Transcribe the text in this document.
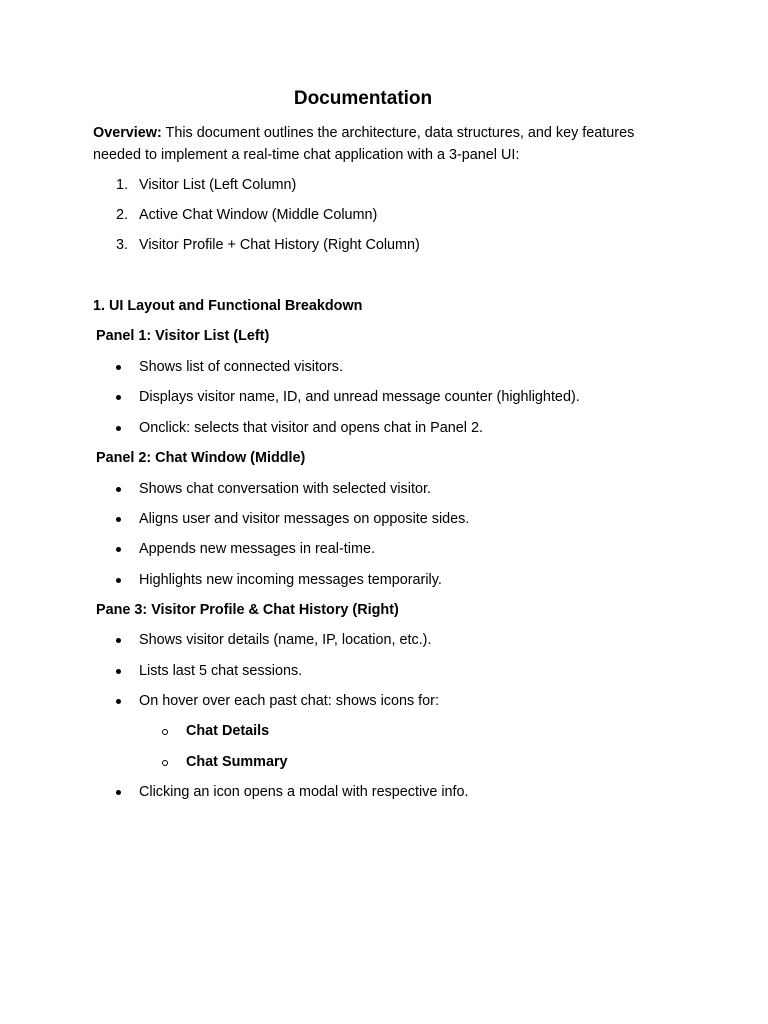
Documentation
Overview: This document outlines the architecture, data structures, and key features needed to implement a real-time chat application with a 3-panel UI:
1. Visitor List (Left Column)
2. Active Chat Window (Middle Column)
3. Visitor Profile + Chat History (Right Column)
1. UI Layout and Functional Breakdown
Panel 1: Visitor List (Left)
Shows list of connected visitors.
Displays visitor name, ID, and unread message counter (highlighted).
Onclick: selects that visitor and opens chat in Panel 2.
Panel 2: Chat Window (Middle)
Shows chat conversation with selected visitor.
Aligns user and visitor messages on opposite sides.
Appends new messages in real-time.
Highlights new incoming messages temporarily.
Pane 3: Visitor Profile & Chat History (Right)
Shows visitor details (name, IP, location, etc.).
Lists last 5 chat sessions.
On hover over each past chat: shows icons for:
Chat Details
Chat Summary
Clicking an icon opens a modal with respective info.
